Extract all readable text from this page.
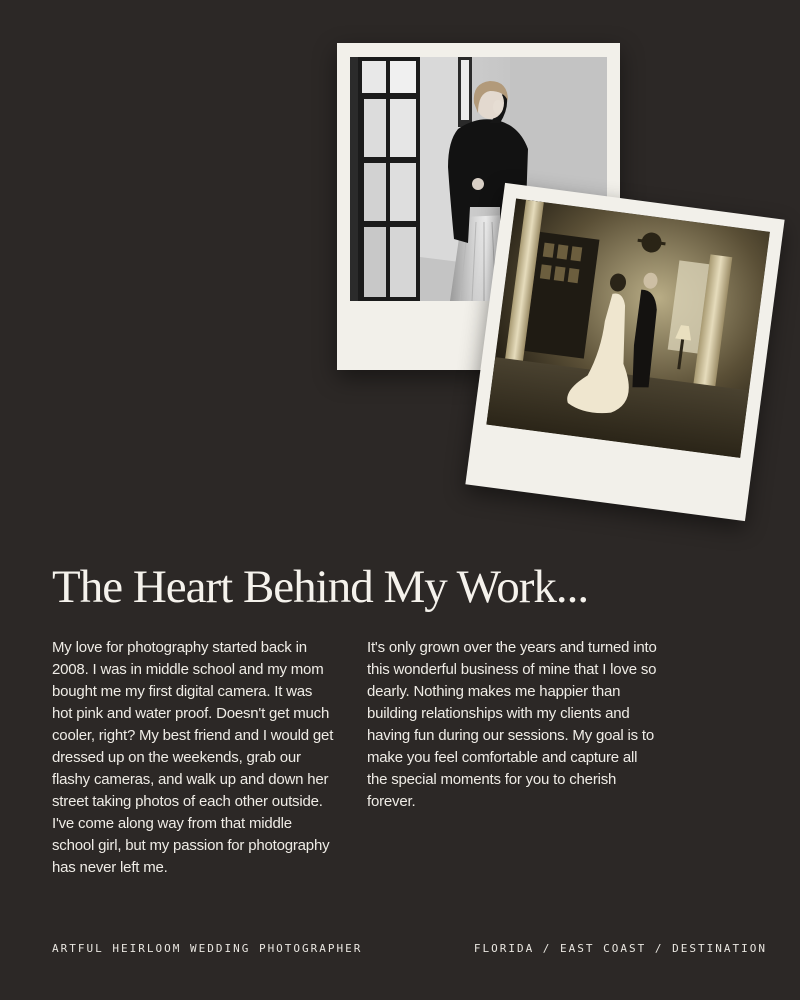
The Heart Behind My Work...

My love for photography started back in 2008. I was in middle school and my mom bought me my first digital camera. It was hot pink and water proof. Doesn't get much cooler, right? My best friend and I would get dressed up on the weekends, grab our flashy cameras, and walk up and down her street taking photos of each other outside. I've come along way from that middle school girl, but my passion for photography has never left me.

It's only grown over the years and turned into this wonderful business of mine that I love so dearly. Nothing makes me happier than building relationships with my clients and having fun during our sessions. My goal is to make you feel comfortable and capture all the special moments for you to cherish forever.

ARTFUL HEIRLOOM WEDDING PHOTOGRAPHER	FLORIDA / EAST COAST / DESTINATION
